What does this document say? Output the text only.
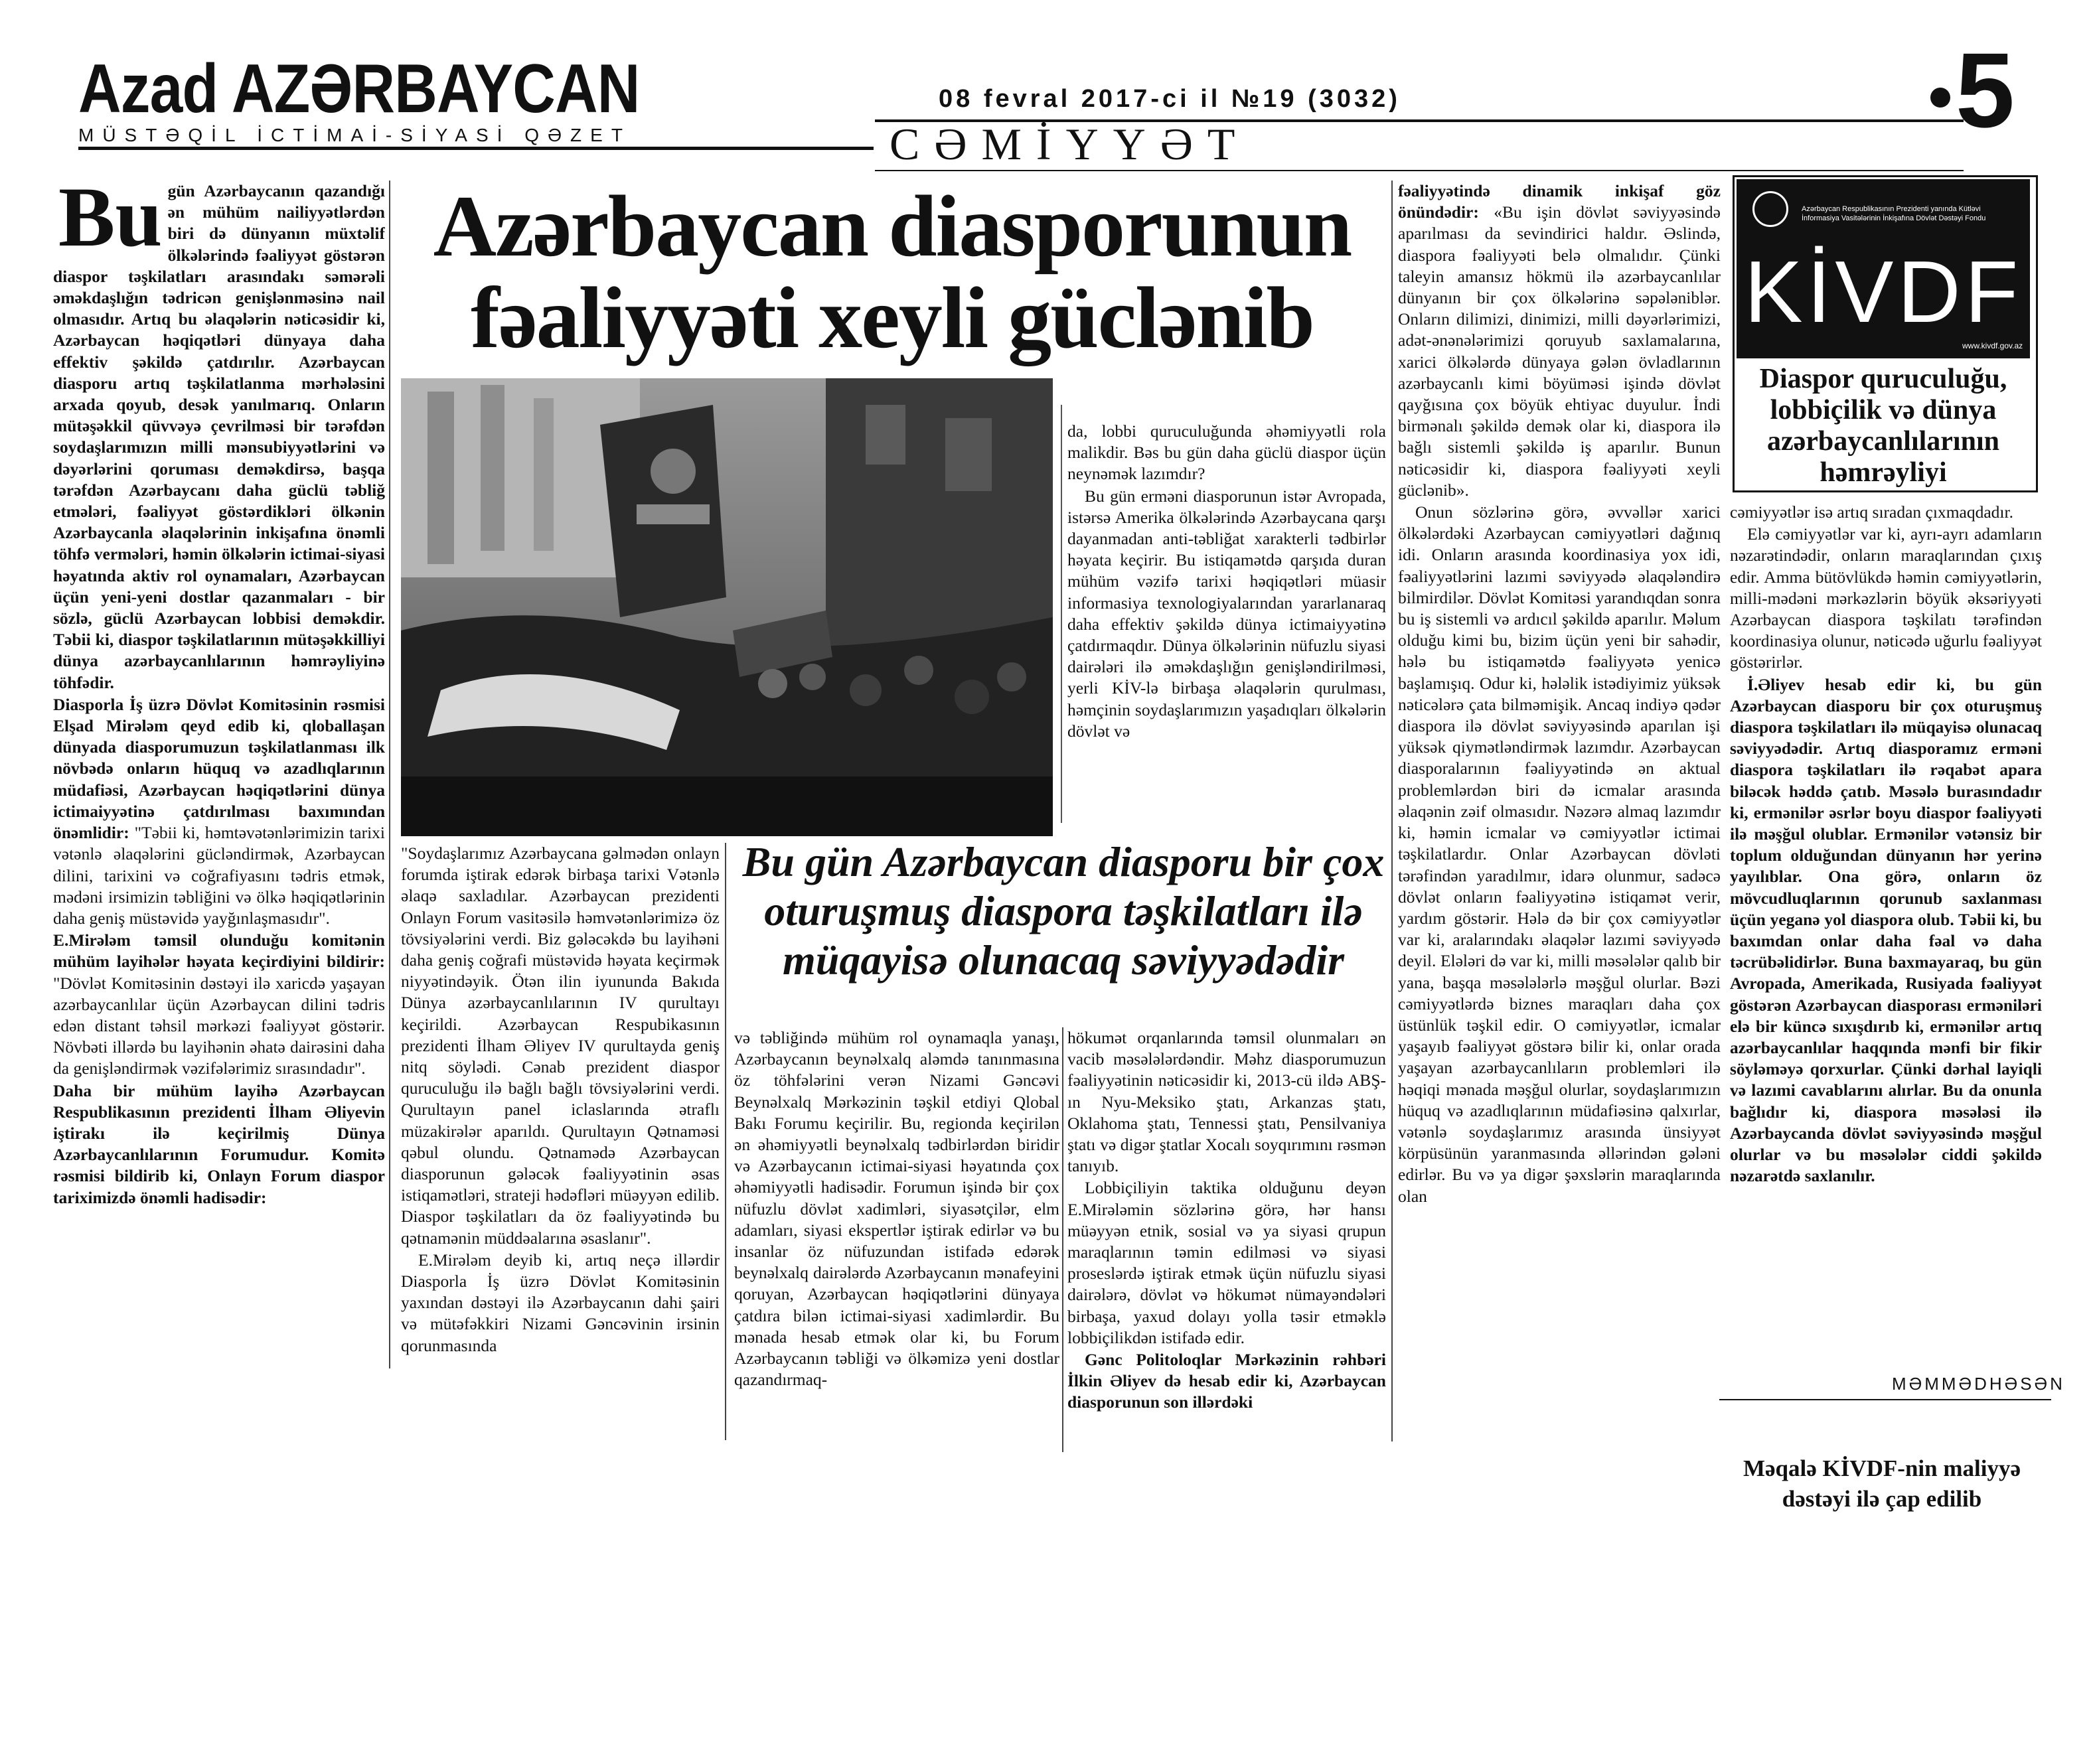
Azad AZƏRBAYCAN
MÜSTƏQİL İCTİMAİ-SİYASİ QƏZET
08 fevral 2017-ci il №19 (3032)
CƏMİYYƏT	5

Bu gün Azərbaycanın qazandığı ən mühüm nailiyyətlərdən biri də dünyanın müxtəlif ölkələrində fəaliyyət göstərən diaspor təşkilatları arasındakı səmərəli əməkdaşlığın tədricən genişlənməsinə nail olmasıdır. Artıq bu əlaqələrin nəticəsidir ki, Azərbaycan həqiqətləri dünyaya daha effektiv şəkildə çatdırılır. Azərbaycan diasporu artıq təşkilatlanma mərhələsini arxada qoyub, desək yanılmarıq. Onların mütəşəkkil qüvvəyə çevrilməsi bir tərəfdən soydaşlarımızın milli mənsubiyyətlərini və dəyərlərini qoruması deməkdirsə, başqa tərəfdən Azərbaycanı daha güclü təbliğ etmələri, fəaliyyət göstərdikləri ölkənin Azərbaycanla əlaqələrinin inkişafına önəmli töhfə vermələri, həmin ölkələrin ictimai-siyasi həyatında aktiv rol oynamaları, Azərbaycan üçün yeni-yeni dostlar qazanmaları - bir sözlə, güclü Azərbaycan lobbisi deməkdir. Təbii ki, diaspor təşkilatlarının mütəşəkkilliyi dünya azərbaycanlılarının həmrəyliyinə töhfədir.

Diasporla İş üzrə Dövlət Komitəsinin rəsmisi Elşad Mirələm qeyd edib ki, qloballaşan dünyada diasporumuzun təşkilatlanması ilk növbədə onların hüquq və azadlıqlarının müdafiəsi, Azərbaycan həqiqətlərini dünya ictimaiyyətinə çatdırılması baxımından önəmlidir: "Təbii ki, həmtəvətənlərimizin tarixi vətənlə əlaqələrini gücləndirmək, Azərbaycan dilini, tarixini və coğrafiyasını tədris etmək, mədəni irsimizin təbliğini və ölkə həqiqətlərinin daha geniş müstəvidə yayğınlaşmasıdır".

E.Mirələm təmsil olunduğu komitənin mühüm layihələr həyata keçirdiyini bildirir: "Dövlət Komitəsinin dəstəyi ilə xaricdə yaşayan azərbaycanlılar üçün Azərbaycan dilini tədris edən distant təhsil mərkəzi fəaliyyət göstərir. Növbəti illərdə bu layihənin əhatə dairəsini daha da genişləndirmək vəzifələrimiz sırasındadır".

Daha bir mühüm layihə Azərbaycan Respublikasının prezidenti İlham Əliyevin iştirakı ilə keçirilmiş Dünya Azərbaycanlılarının Forumudur. Komitə rəsmisi bildirib ki, Onlayn Forum diaspor tariximizdə önəmli hadisədir:

Azərbaycan diasporunun fəaliyyəti xeyli güclənib

da, lobbi quruculuğunda əhəmiyyətli rola malikdir. Bəs bu gün daha güclü diaspor üçün neynəmək lazımdır?

Bu gün erməni diasporunun istər Avropada, istərsə Amerika ölkələrində Azərbaycana qarşı dayanmadan anti-təbliğat xarakterli tədbirlər həyata keçirir. Bu istiqamətdə qarşıda duran mühüm vəzifə tarixi həqiqətləri müasir informasiya texnologiyalarından yararlanaraq daha effektiv şəkildə dünya ictimaiyyətinə çatdırmaqdır. Dünya ölkələrinin nüfuzlu siyasi dairələri ilə əməkdaşlığın genişləndirilməsi, yerli KİV-lə birbaşa əlaqələrin qurulması, həmçinin soydaşlarımızın yaşadıqları ölkələrin dövlət və

"Soydaşlarımız Azərbaycana gəlmədən onlayn forumda iştirak edərək birbaşa tarixi Vətənlə əlaqə saxladılar. Azərbaycan prezidenti Onlayn Forum vasitəsilə həmvətənlərimizə öz tövsiyələrini verdi. Biz gələcəkdə bu layihəni daha geniş coğrafi müstəvidə həyata keçirmək niyyətindəyik. Ötən ilin iyununda Bakıda Dünya azərbaycanlılarının IV qurultayı keçirildi. Azərbaycan Respubikasının prezidenti İlham Əliyev IV qurultayda geniş nitq söylədi. Cənab prezident diaspor quruculuğu ilə bağlı bağlı tövsiyələrini verdi. Qurultayın panel iclaslarında ətraflı müzakirələr aparıldı. Qurultayın Qətnaməsi qəbul olundu. Qətnamədə Azərbaycan diasporunun gələcək fəaliyyətinin əsas istiqamətləri, strateji hədəfləri müəyyən edilib. Diaspor təşkilatları da öz fəaliyyətində bu qətnamənin müddəalarına əsaslanır".

E.Mirələm deyib ki, artıq neçə illərdir Diasporla İş üzrə Dövlət Komitəsinin yaxından dəstəyi ilə Azərbaycanın dahi şairi və mütəfəkkiri Nizami Gəncəvinin irsinin qorunmasında

Bu gün Azərbaycan diasporu bir çox oturuşmuş diaspora təşkilatları ilə müqayisə olunacaq səviyyədədir

və təbliğində mühüm rol oynamaqla yanaşı, Azərbaycanın beynəlxalq aləmdə tanınmasına öz töhfələrini verən Nizami Gəncəvi Beynəlxalq Mərkəzinin təşkil etdiyi Qlobal Bakı Forumu keçirilir. Bu, regionda keçirilən ən əhəmiyyətli beynəlxalq tədbirlərdən biridir və Azərbaycanın ictimai-siyasi həyatında çox əhəmiyyətli hadisədir. Forumun işində bir çox nüfuzlu dövlət xadimləri, siyasətçilər, elm adamları, siyasi ekspertlər iştirak edirlər və bu insanlar öz nüfuzundan istifadə edərək beynəlxalq dairələrdə Azərbaycanın mənafeyini qoruyan, Azərbaycan həqiqətlərini dünyaya çatdıra bilən ictimai-siyasi xadimlərdir. Bu mənada hesab etmək olar ki, bu Forum Azərbaycanın təbliği və ölkəmizə yeni dostlar qazandırmaq-

hökumət orqanlarında təmsil olunmaları ən vacib məsələlərdəndir. Məhz diasporumuzun fəaliyyətinin nəticəsidir ki, 2013-cü ildə ABŞ-ın Nyu-Meksiko ştatı, Arkanzas ştatı, Oklahoma ştatı, Tennessi ştatı, Pensilvaniya ştatı və digər ştatlar Xocalı soyqırımını rəsmən tanıyıb.

Lobbiçiliyin taktika olduğunu deyən E.Mirələmin sözlərinə görə, hər hansı müəyyən etnik, sosial və ya siyasi qrupun maraqlarının təmin edilməsi və siyasi proseslərdə iştirak etmək üçün nüfuzlu siyasi dairələrə, dövlət və hökumət nümayəndələri birbaşa, yaxud dolayı yolla təsir etməklə lobbiçilikdən istifadə edir.

Gənc Politoloqlar Mərkəzinin rəhbəri İlkin Əliyev də hesab edir ki, Azərbaycan diasporunun son illərdəki

fəaliyyətində dinamik inkişaf göz önündədir: «Bu işin dövlət səviyyəsində aparılması da sevindirici haldır. Əslində, diaspora fəaliyyəti belə olmalıdır. Çünki taleyin amansız hökmü ilə azərbaycanlılar dünyanın bir çox ölkələrinə səpələniblər. Onların dilimizi, dinimizi, milli dəyərlərimizi, adət-ənənələrimizi qoruyub saxlamalarına, xarici ölkələrdə dünyaya gələn övladlarının azərbaycanlı kimi böyüməsi işində dövlət qayğısına çox böyük ehtiyac duyulur. İndi birmənalı şəkildə demək olar ki, diaspora ilə bağlı sistemli şəkildə iş aparılır. Bunun nəticəsidir ki, diaspora fəaliyyəti xeyli güclənib».

Onun sözlərinə görə, əvvəllər xarici ölkələrdəki Azərbaycan cəmiyyətləri dağınıq idi. Onların arasında koordinasiya yox idi, fəaliyyətlərini lazımi səviyyədə əlaqələndirə bilmirdilər. Dövlət Komitəsi yarandıqdan sonra bu iş sistemli və ardıcıl şəkildə aparılır. Məlum olduğu kimi bu, bizim üçün yeni bir sahədir, hələ bu istiqamətdə fəaliyyətə yenicə başlamışıq. Odur ki, hələlik istədiyimiz yüksək nəticələrə çata bilməmişik. Ancaq indiyə qədər diaspora ilə dövlət səviyyəsində aparılan işi yüksək qiymətləndirmək lazımdır. Azərbaycan diasporalarının fəaliyyətində ən aktual problemlərdən biri də icmalar arasında əlaqənin zəif olmasıdır. Nəzərə almaq lazımdır ki, həmin icmalar və cəmiyyətlər ictimai təşkilatlardır. Onlar Azərbaycan dövləti tərəfindən yaradılmır, idarə olunmur, sadəcə dövlət onların fəaliyyətinə istiqamət verir, yardım göstərir. Hələ də bir çox cəmiyyətlər var ki, aralarındakı əlaqələr lazımi səviyyədə deyil. Elələri də var ki, milli məsələlər qalıb bir yana, başqa məsələlərlə məşğul olurlar. Bəzi cəmiyyətlərdə biznes maraqları daha çox üstünlük təşkil edir. O cəmiyyətlər, icmalar yaşayıb fəaliyyət göstərə bilir ki, onlar orada yaşayan azərbaycanlıların problemləri ilə həqiqi mənada məşğul olurlar, soydaşlarımızın hüquq və azadlıqlarının müdafiəsinə qalxırlar, vətənlə soydaşlarımız arasında ünsiyyət körpüsünün yaranmasında əllərindən gələni edirlər. Bu və ya digər şəxslərin maraqlarında olan

Azərbaycan Respublikasının Prezidenti yanında Kütləvi İnformasiya Vasitələrinin İnkişafına Dövlət Dəstəyi Fondu
KİVDF
www.kivdf.gov.az
Diaspor quruculuğu, lobbiçilik və dünya azərbaycanlılarının həmrəyliyi

cəmiyyətlər isə artıq sıradan çıxmaqdadır.

Elə cəmiyyətlər var ki, ayrı-ayrı adamların nəzarətindədir, onların maraqlarından çıxış edir. Amma bütövlükdə həmin cəmiyyətlərin, milli-mədəni mərkəzlərin böyük əksəriyyəti Azərbaycan diaspora təşkilatı tərəfindən koordinasiya olunur, nəticədə uğurlu fəaliyyət göstərirlər.

İ.Əliyev hesab edir ki, bu gün Azərbaycan diasporu bir çox oturuşmuş diaspora təşkilatları ilə müqayisə olunacaq səviyyədədir. Artıq diasporamız erməni diaspora təşkilatları ilə rəqabət apara biləcək həddə çatıb. Məsələ burasındadır ki, ermənilər əsrlər boyu diaspor fəaliyyəti ilə məşğul olublar. Ermənilər vətənsiz bir toplum olduğundan dünyanın hər yerinə yayılıblar. Ona görə, onların öz mövcudluqlarının qorunub saxlanması üçün yeganə yol diaspora olub. Təbii ki, bu baxımdan onlar daha fəal və daha təcrübəlidirlər. Buna baxmayaraq, bu gün Avropada, Amerikada, Rusiyada fəaliyyət göstərən Azərbaycan diasporası erməniləri elə bir küncə sıxışdırıb ki, ermənilər artıq azərbaycanlılar haqqında mənfi bir fikir söyləməyə qorxurlar. Çünki dərhal layiqli və lazımi cavablarını alırlar. Bu da onunla bağlıdır ki, diaspora məsələsi ilə Azərbaycanda dövlət səviyyəsində məşğul olurlar və bu məsələlər ciddi şəkildə nəzarətdə saxlanılır.

MƏMMƏDHƏSƏN
Məqalə KİVDF-nin maliyyə dəstəyi ilə çap edilib
